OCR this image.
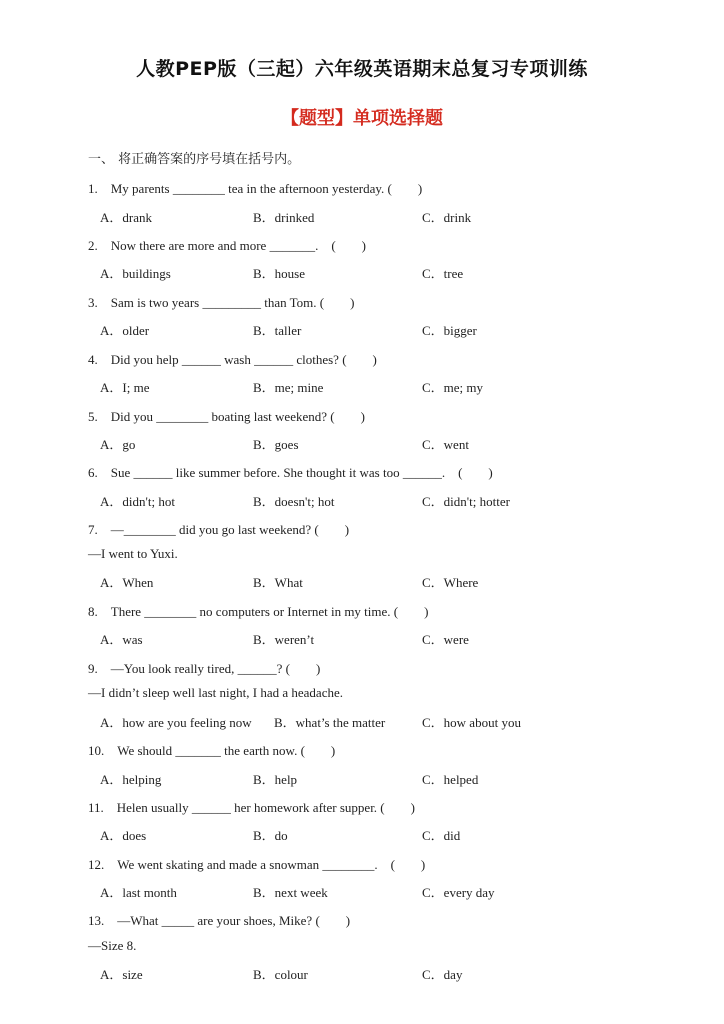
人教PEP版（三起）六年级英语期末总复习专项训练
【题型】单项选择题
一、 将正确答案的序号填在括号内。
1.　My parents ________ tea in the afternoon yesterday. (　　)
A．drank	B．drinked	C．drink
2.　Now there are more and more _______.　(　　)
A．buildings	B．house	C．tree
3.　Sam is two years _________ than Tom. (　　)
A．older	B．taller	C．bigger
4.　Did you help ______ wash ______ clothes? (　　)
A．I; me	B．me; mine	C．me; my
5.　Did you ________ boating last weekend? (　　)
A．go	B．goes	C．went
6.　Sue ______ like summer before. She thought it was too ______.　(　　)
A．didn't; hot	B．doesn't; hot	C．didn't; hotter
7.　—________ did you go last weekend? (　　)
—I went to Yuxi.
A．When	B．What	C．Where
8.　There ________ no computers or Internet in my time. (　　)
A．was	B．weren’t	C．were
9.　—You look really tired, ______? (　　)
—I didn’t sleep well last night, I had a headache.
A．how are you feeling now B．what’s the matter	C．how about you
10.　We should _______ the earth now. (　　)
A．helping	B．help	C．helped
11.　Helen usually ______ her homework after supper. (　　)
A．does	B．do	C．did
12.　We went skating and made a snowman ________.　(　　)
A．last month	B．next week	C．every day
13.　—What _____ are your shoes, Mike? (　　)
—Size 8.
A．size	B．colour	C．day
